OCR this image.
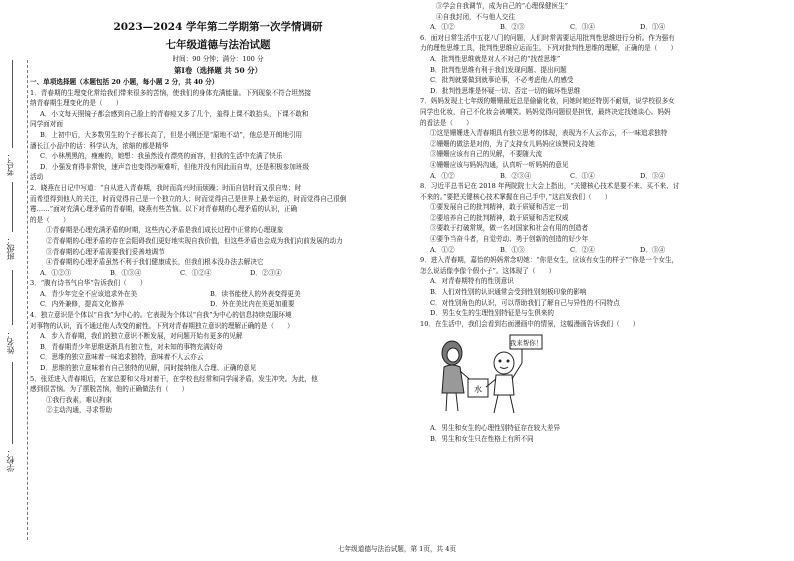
考号：
班级：
姓名：
学校：
2023—2024 学年第二学期第一次学情调研
七年级道德与法治试题
时间：90 分钟；满分：100 分
第Ⅰ卷（选择题 共 50 分）
一、单项选择题（本题包括 20 小题，每小题 2 分，共 40 分）
1．青春期的生理变化常给我们带来很多的苦恼，使我们的身体充满能量。下列现象不符合坦然接
纳青春期生理变化的是（　　）
A．小文每天照镜子都会感到自己脸上的青春痘又多了几个，羞得上课不敢抬头，下课不敢和
同学面对面
B．上初中后，大多数男生的个子都长高了，但是小刚还是“原地不动”，他总是开朗地引用
潘长江小品中的话：科学认为，浓缩的都是精华
C．小林黑黑的，瘦瘦的，她想：我虽然没有漂亮的面容，但我的生活中充满了快乐
D．小强发育得非常快，速声音也变得沙哑难听，但他并没有因此而自卑，还是积极参加班级
活动
2．晓燕在日记中写道：“自从进入青春期，我时而高兴时而烦躁；时而自信时而又很自卑；时
而希望得到他人的关注，时而觉得自己是一个独立的人；时而觉得自己是世界上最幸运的，时而觉得自己很倒
霉……”面对充满心理矛盾的青春期，晓燕有些苦恼。以下对青春期的心理矛盾的认识，正确
的是（　　）
①青春期是心理充满矛盾的时期，这些内心矛盾是我们成长过程中正常的心理现象
②青春期的心理矛盾的存在会阻碍我们更好地实现自我价值，但这些矛盾也会成为我们向前发展的动力
③青春期的心理矛盾需要我们妥善地调节
④青春期的心理矛盾虽然不利于我们健康成长，但我们根本没办法去解决它
A．①②③	B．①③④	C．①②④	D．②③④
3．“腹有诗书气自华”告诉我们（　　）
A．青少年完全不应该追求外在美	B．读书能使人的外表变得更美
C．内外兼修，提高文化修养	D．外在美比内在美更加重要
4．独立意识是个体以“自我”为中心的。它表现为个体以“自我”为中心的信息持续克服环境
对事物的认识，而不通过他人改变的耐性。下列对青春期独立意识的理解正确的是（　　）
A．步入青春期，我们的独立意识不断发展，对问题开始有更多的见解
B．青春期青少年思维逐渐具有独立性，对未知的事物充满好奇
C．思维的独立意味着一味追求独特，意味着不人云亦云
D．思维的独立意味着有自己独特的见解，同时接纳他人合理、正确的意见
5．张廷进入青春期后，在家总要和父母对着干，在学校也经常和同学闹矛盾，发生冲突。为此，他
感到很苦恼。为了摆脱苦恼，他的正确做法有（　　）
①我行我素，难以拘束
②主动沟通，寻求帮助
③学会自我调节，成为自己的“心理保健医生”
④自我封闭，不与他人交往
A．①②	B．②③	C．③④	D．①④
6．面对日常生活中五花八门的问题，人们时常需要运用批判性思维进行分析。作为强有
力的理性思维工具，批判性思维应运而生。下列对批判性思维的理解，正确的是（　　）
A．批判性思维就是对人不对己的“找茬思维”
B．批判性思维有利于我们发现问题、提出问题
C．批判就要做到就事论事，不必考虑他人的感受
D．批判性思维是怀疑一切、否定一切的破坏性思维
7．妈妈发现上七年级的姗姗最近总是偷偷化妆，问她时她还特别不耐烦，说学校很多女
同学也化妆，自己不化妆会被嘲笑。妈妈觉得问题很是担忧，最终决定找她谈心。妈妈
的看法是（　　）
①这是姗姗进入青春期具有独立思考的体现，表现为不人云亦云，不一味追求独特
②姗姗的做法是对的，为了支持女儿妈妈应该赞同支持她
③姗姗应该有自己的见解，不要随大流
④姗姗应该与妈妈沟通，认真听一听妈妈的意见
A．①②	B．②③④	C．①④	D．③④
8．习近平总书记在 2018 年两院院士大会上指出，“关键核心技术是要不来、买不来、讨
不来的。”要把关键核心技术掌握在自己手中，”这启发我们（　　）
①要发展自己的批判精神，敢于质疑和否定一切
②要培养自己的批判精神，敢于质疑和否定权威
③要敢于打破常规，做一名对国家和社会有用的创造者
④要争当奋斗者，自觉劳动、勇于创新的创造的好少年
A．①②	B．①③	C．②④	D．③④
9．进入青春期，嘉怡的妈妈常念叨她：“你是女生，应该有女生的样子”“你是一个女生，
怎么说话像李像个假小子”。这体现了（　　）
A．对青春期特有的性别意识
B．人们对性别的认识通常会受到性别刻板印象的影响
C．对性别角色的认识，可以帮助我们了解自己与异性的不同特点
D．男生女生的生理性别特征是与生俱来的
10．在生活中，我们会看到右面漫画中的情景，这幅漫画告诉我们（　　）
水
我来帮你！
A．男生和女生的心理性别特征存在较大差异
B．男生和女生只在性格上有所不同
七年级道德与法治试题，第 1页，共 4页
